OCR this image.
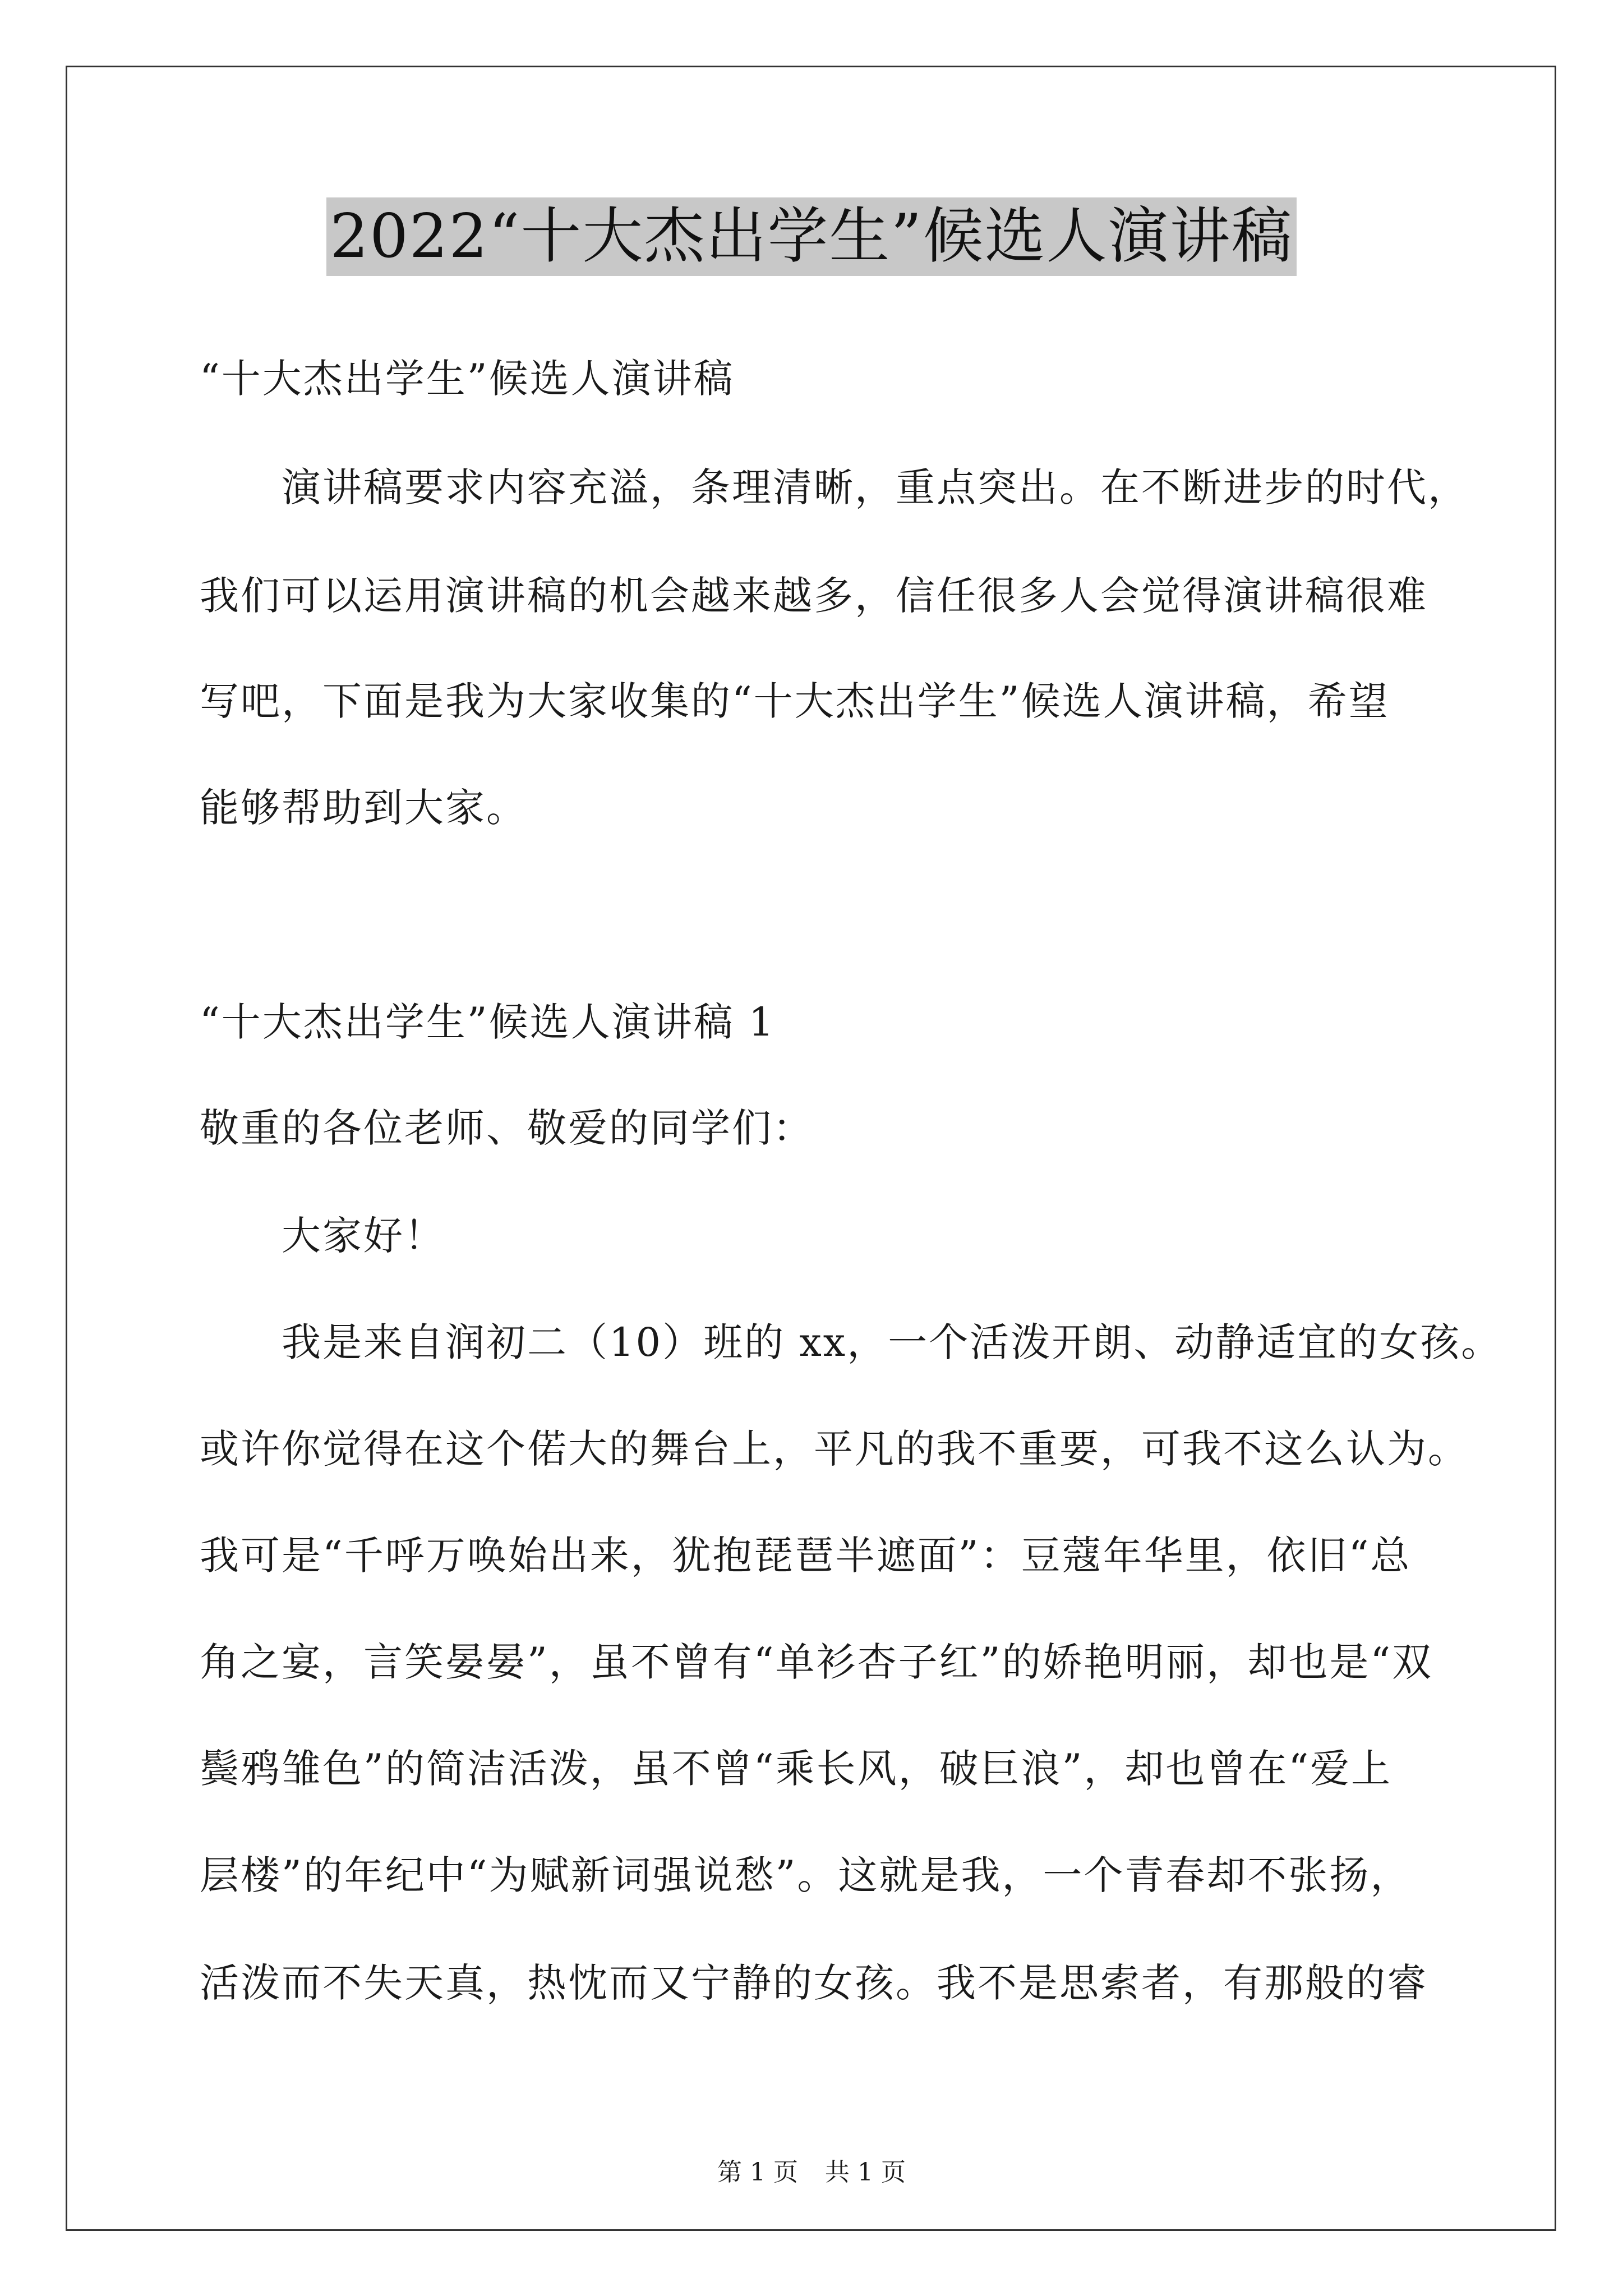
2022“十大杰出学生”候选人演讲稿
“十大杰出学生”候选人演讲稿
演讲稿要求内容充溢，条理清晰，重点突出。在不断进步的时代，
我们可以运用演讲稿的机会越来越多，信任很多人会觉得演讲稿很难
写吧，下面是我为大家收集的“十大杰出学生”候选人演讲稿，希望
能够帮助到大家。
“十大杰出学生”候选人演讲稿 1
敬重的各位老师、敬爱的同学们：
大家好！
我是来自润初二（10）班的 xx，一个活泼开朗、动静适宜的女孩。
或许你觉得在这个偌大的舞台上，平凡的我不重要，可我不这么认为。
我可是“千呼万唤始出来，犹抱琵琶半遮面”：豆蔻年华里，依旧“总
角之宴，言笑晏晏”，虽不曾有“单衫杏子红”的娇艳明丽，却也是“双
鬓鸦雏色”的简洁活泼，虽不曾“乘长风，破巨浪”，却也曾在“爱上
层楼”的年纪中“为赋新词强说愁”。这就是我，一个青春却不张扬，
活泼而不失天真，热忱而又宁静的女孩。我不是思索者，有那般的睿
第 1 页 共 1 页
